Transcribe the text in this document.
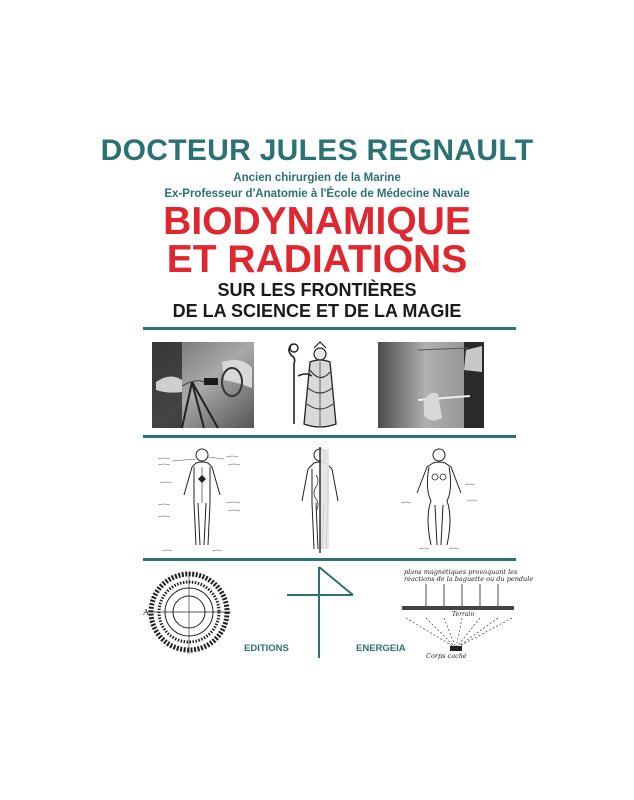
DOCTEUR JULES REGNAULT
Ancien chirurgien de la Marine
Ex-Professeur d'Anatomie à l'École de Médecine Navale
BIODYNAMIQUE
ET RADIATIONS
SUR LES FRONTIÈRES
DE LA SCIENCE ET DE LA MAGIE
A
plans magnétiques provoquant les
réactions de la baguette ou du pendule
Terrain
Corps caché
EDITIONS	ENERGEIA
